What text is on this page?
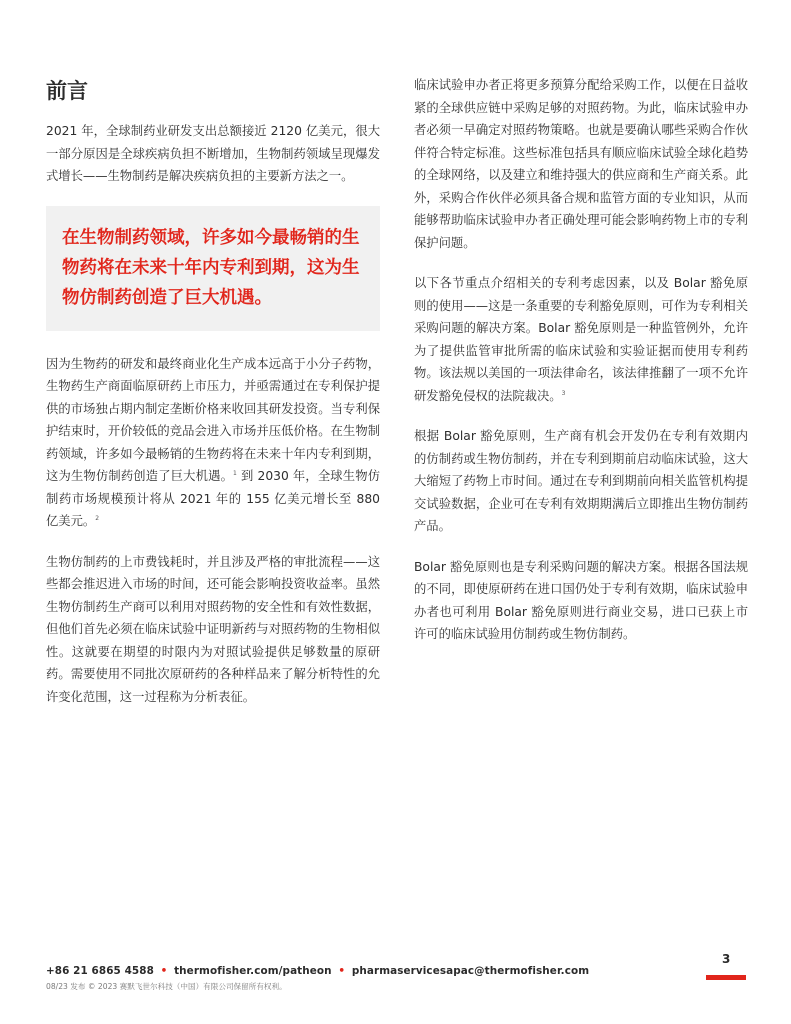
前言

2021 年，全球制药业研发支出总额接近 2120 亿美元，很大一部分原因是全球疾病负担不断增加，生物制药领域呈现爆发式增长——生物制药是解决疾病负担的主要新方法之一。

在生物制药领域，许多如今最畅销的生物药将在未来十年内专利到期，这为生物仿制药创造了巨大机遇。

因为生物药的研发和最终商业化生产成本远高于小分子药物，生物药生产商面临原研药上市压力，并亟需通过在专利保护提供的市场独占期内制定垄断价格来收回其研发投资。当专利保护结束时，开价较低的竞品会进入市场并压低价格。在生物制药领域，许多如今最畅销的生物药将在未来十年内专利到期，这为生物仿制药创造了巨大机遇。$^1$ 到 2030 年，全球生物仿制药市场规模预计将从 2021 年的 155 亿美元增长至 880 亿美元。$^2$

生物仿制药的上市费钱耗时，并且涉及严格的审批流程——这些都会推迟进入市场的时间，还可能会影响投资收益率。虽然生物仿制药生产商可以利用对照药物的安全性和有效性数据，但他们首先必须在临床试验中证明新药与对照药物的生物相似性。这就要在期望的时限内为对照试验提供足够数量的原研药。需要使用不同批次原研药的各种样品来了解分析特性的允许变化范围，这一过程称为分析表征。

临床试验申办者正将更多预算分配给采购工作，以便在日益收紧的全球供应链中采购足够的对照药物。为此，临床试验申办者必须一早确定对照药物策略。也就是要确认哪些采购合作伙伴符合特定标准。这些标准包括具有顺应临床试验全球化趋势的全球网络，以及建立和维持强大的供应商和生产商关系。此外，采购合作伙伴必须具备合规和监管方面的专业知识，从而能够帮助临床试验申办者正确处理可能会影响药物上市的专利保护问题。

以下各节重点介绍相关的专利考虑因素，以及 Bolar 豁免原则的使用——这是一条重要的专利豁免原则，可作为专利相关采购问题的解决方案。Bolar 豁免原则是一种监管例外，允许为了提供监管审批所需的临床试验和实验证据而使用专利药物。该法规以美国的一项法律命名，该法律推翻了一项不允许研发豁免侵权的法院裁决。$^3$

根据 Bolar 豁免原则，生产商有机会开发仍在专利有效期内的仿制药或生物仿制药，并在专利到期前启动临床试验，这大大缩短了药物上市时间。通过在专利到期前向相关监管机构提交试验数据，企业可在专利有效期期满后立即推出生物仿制药产品。

Bolar 豁免原则也是专利采购问题的解决方案。根据各国法规的不同，即使原研药在进口国仍处于专利有效期，临床试验申办者也可利用 Bolar 豁免原则进行商业交易，进口已获上市许可的临床试验用仿制药或生物仿制药。

3
+86 21 6865 4588 • thermofisher.com/patheon • pharmaservicesapac@thermofisher.com
08/23 发布 © 2023 赛默飞世尔科技（中国）有限公司保留所有权利。
